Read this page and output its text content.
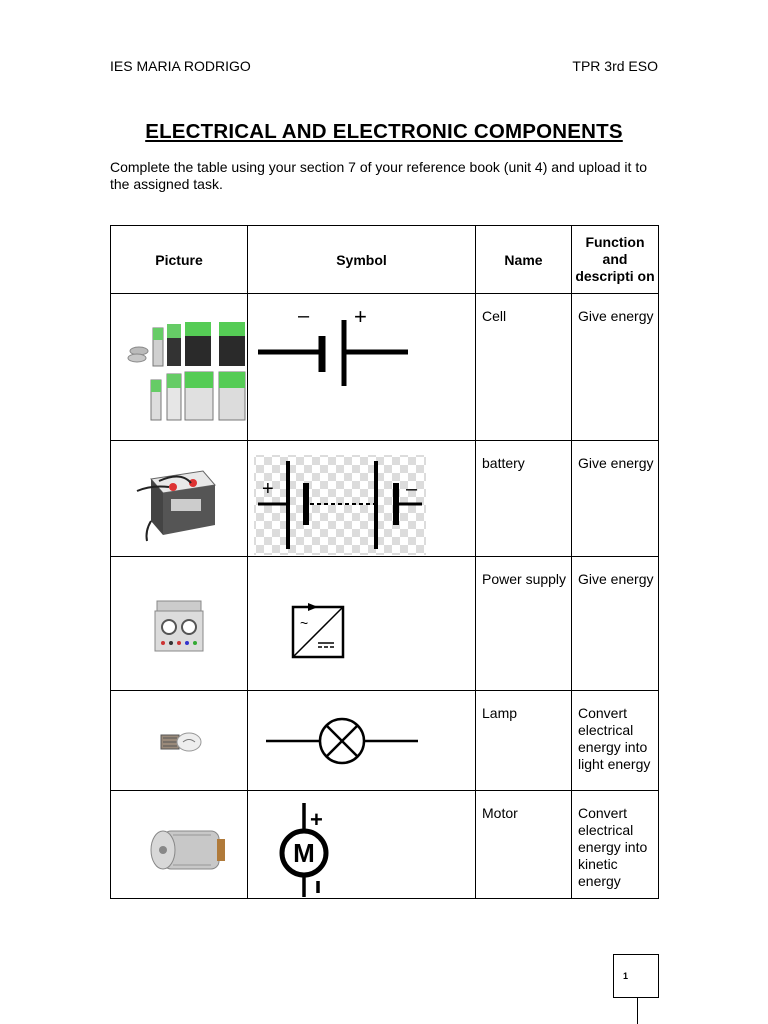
IES MARIA RODRIGO	TPR 3rd ESO
ELECTRICAL AND ELECTRONIC COMPONENTS
Complete the table using your section 7 of your reference book (unit 4) and upload it to the assigned task.
Picture	Symbol	Name	Function and descripti on

– +	Cell	Give energy

+ –	battery	Give energy

~	Power supply	Give energy

	Lamp	Convert electrical energy into light energy

+
M	Motor	Convert electrical energy into kinetic energy
1
